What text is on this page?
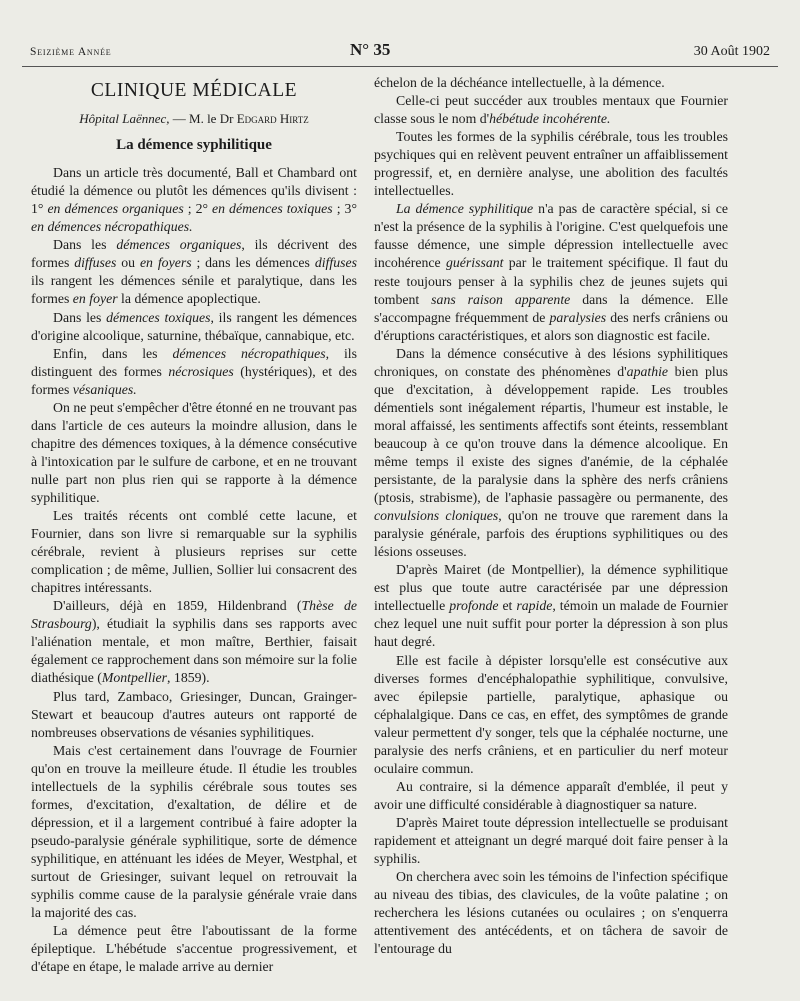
Seizième Année	N° 35	30 Août 1902
CLINIQUE MÉDICALE
Hôpital Laënnec, — M. le Dr Edgard Hirtz
La démence syphilitique

Dans un article très documenté, Ball et Chambard ont étudié la démence ou plutôt les démences qu'ils divisent : 1° en démences organiques ; 2° en démences toxiques ; 3° en démences nécropathiques.

Dans les démences organiques, ils décrivent des formes diffuses ou en foyers ; dans les démences diffuses ils rangent les démences sénile et paralytique, dans les formes en foyer la démence apoplectique.

Dans les démences toxiques, ils rangent les démences d'origine alcoolique, saturnine, thébaïque, cannabique, etc.

Enfin, dans les démences nécropathiques, ils distinguent des formes nécrosiques (hystériques), et des formes vésaniques.

On ne peut s'empêcher d'être étonné en ne trouvant pas dans l'article de ces auteurs la moindre allusion, dans le chapitre des démences toxiques, à la démence consécutive à l'intoxication par le sulfure de carbone, et en ne trouvant nulle part non plus rien qui se rapporte à la démence syphilitique.

Les traités récents ont comblé cette lacune, et Fournier, dans son livre si remarquable sur la syphilis cérébrale, revient à plusieurs reprises sur cette complication ; de même, Jullien, Sollier lui consacrent des chapitres intéressants.

D'ailleurs, déjà en 1859, Hildenbrand (Thèse de Strasbourg), étudiait la syphilis dans ses rapports avec l'aliénation mentale, et mon maître, Berthier, faisait également ce rapprochement dans son mémoire sur la folie diathésique (Montpellier, 1859).

Plus tard, Zambaco, Griesinger, Duncan, Grainger-Stewart et beaucoup d'autres auteurs ont rapporté de nombreuses observations de vésanies syphilitiques.

Mais c'est certainement dans l'ouvrage de Fournier qu'on en trouve la meilleure étude. Il étudie les troubles intellectuels de la syphilis cérébrale sous toutes ses formes, d'excitation, d'exaltation, de délire et de dépression, et il a largement contribué à faire adopter la pseudo-paralysie générale syphilitique, sorte de démence syphilitique, en atténuant les idées de Meyer, Westphal, et surtout de Griesinger, suivant lequel on retrouvait la syphilis comme cause de la paralysie générale vraie dans la majorité des cas.

La démence peut être l'aboutissant de la forme épileptique. L'hébétude s'accentue progressivement, et d'étape en étape, le malade arrive au dernier

échelon de la déchéance intellectuelle, à la démence.

Celle-ci peut succéder aux troubles mentaux que Fournier classe sous le nom d'hébétude incohérente.

Toutes les formes de la syphilis cérébrale, tous les troubles psychiques qui en relèvent peuvent entraîner un affaiblissement progressif, et, en dernière analyse, une abolition des facultés intellectuelles.

La démence syphilitique n'a pas de caractère spécial, si ce n'est la présence de la syphilis à l'origine. C'est quelquefois une fausse démence, une simple dépression intellectuelle avec incohérence guérissant par le traitement spécifique. Il faut du reste toujours penser à la syphilis chez de jeunes sujets qui tombent sans raison apparente dans la démence. Elle s'accompagne fréquemment de paralysies des nerfs crâniens ou d'éruptions caractéristiques, et alors son diagnostic est facile.

Dans la démence consécutive à des lésions syphilitiques chroniques, on constate des phénomènes d'apathie bien plus que d'excitation, à développement rapide. Les troubles démentiels sont inégalement répartis, l'humeur est instable, le moral affaissé, les sentiments affectifs sont éteints, ressemblant beaucoup à ce qu'on trouve dans la démence alcoolique. En même temps il existe des signes d'anémie, de la céphalée persistante, de la paralysie dans la sphère des nerfs crâniens (ptosis, strabisme), de l'aphasie passagère ou permanente, des convulsions cloniques, qu'on ne trouve que rarement dans la paralysie générale, parfois des éruptions syphilitiques ou des lésions osseuses.

D'après Mairet (de Montpellier), la démence syphilitique est plus que toute autre caractérisée par une dépression intellectuelle profonde et rapide, témoin un malade de Fournier chez lequel une nuit suffit pour porter la dépression à son plus haut degré.

Elle est facile à dépister lorsqu'elle est consécutive aux diverses formes d'encéphalopathie syphilitique, convulsive, avec épilepsie partielle, paralytique, aphasique ou céphalalgique. Dans ce cas, en effet, des symptômes de grande valeur permettent d'y songer, tels que la céphalée nocturne, une paralysie des nerfs crâniens, et en particulier du nerf moteur oculaire commun.

Au contraire, si la démence apparaît d'emblée, il peut y avoir une difficulté considérable à diagnostiquer sa nature.

D'après Mairet toute dépression intellectuelle se produisant rapidement et atteignant un degré marqué doit faire penser à la syphilis.

On cherchera avec soin les témoins de l'infection spécifique au niveau des tibias, des clavicules, de la voûte palatine ; on recherchera les lésions cutanées ou oculaires ; on s'enquerra attentivement des antécédents, et on tâchera de savoir de l'entourage du
